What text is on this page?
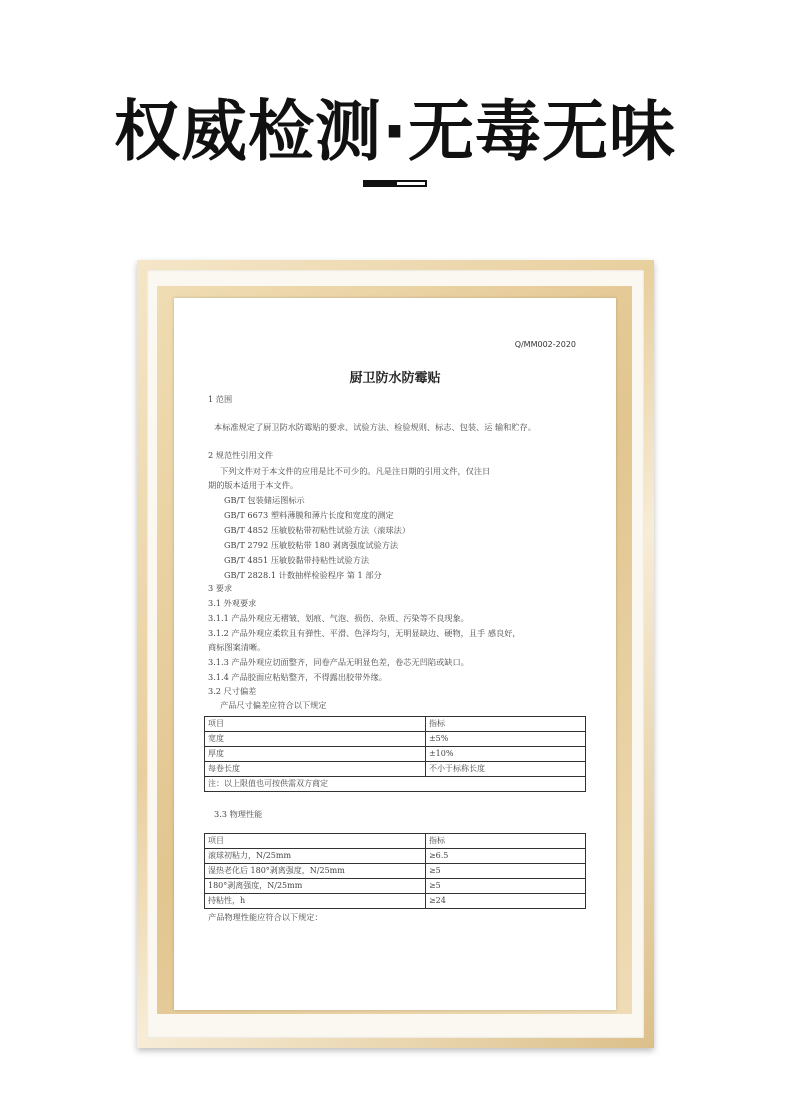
权威检测·无毒无味
Q/MM002-2020
厨卫防水防霉贴
1 范围
本标准规定了厨卫防水防霉贴的要求、试验方法、检验规则、标志、包装、运 输和贮存。
2 规范性引用文件
下列文件对于本文件的应用是比不可少的。凡是注日期的引用文件，仅注日
期的版本适用于本文件。
GB/T 包装储运图标示
GB/T 6673 塑料薄膜和薄片长度和宽度的测定
GB/T 4852 压敏胶粘带初粘性试验方法（滚球法）
GB/T 2792 压敏胶粘带 180 剥离强度试验方法
GB/T 4851 压敏胶黏带持粘性试验方法
GB/T 2828.1 计数抽样检验程序 第 1 部分
3 要求
3.1 外观要求
3.1.1 产品外观应无褶皱、划痕、气泡、损伤、杂质、污染等不良现象。
3.1.2 产品外观应柔软且有弹性、平滑、色泽均匀，无明显缺边、硬物，且手 感良好，
商标图案清晰。
3.1.3 产品外观应切面整齐，同卷产品无明显色差，卷芯无凹陷或缺口。
3.1.4 产品胶面应粘贴整齐，不得露出胶带外缘。
3.2 尺寸偏差
产品尺寸偏差应符合以下规定
项目	指标
宽度	±5%
厚度	±10%
每卷长度	不小于标称长度
注：以上限值也可按供需双方商定	
3.3 物理性能
项目	指标
滚球初粘力，N/25mm	≥6.5
湿热老化后 180°剥离强度，N/25mm	≥5
180°剥离强度，N/25mm	≥5
持粘性，h	≥24
产品物理性能应符合以下规定：
